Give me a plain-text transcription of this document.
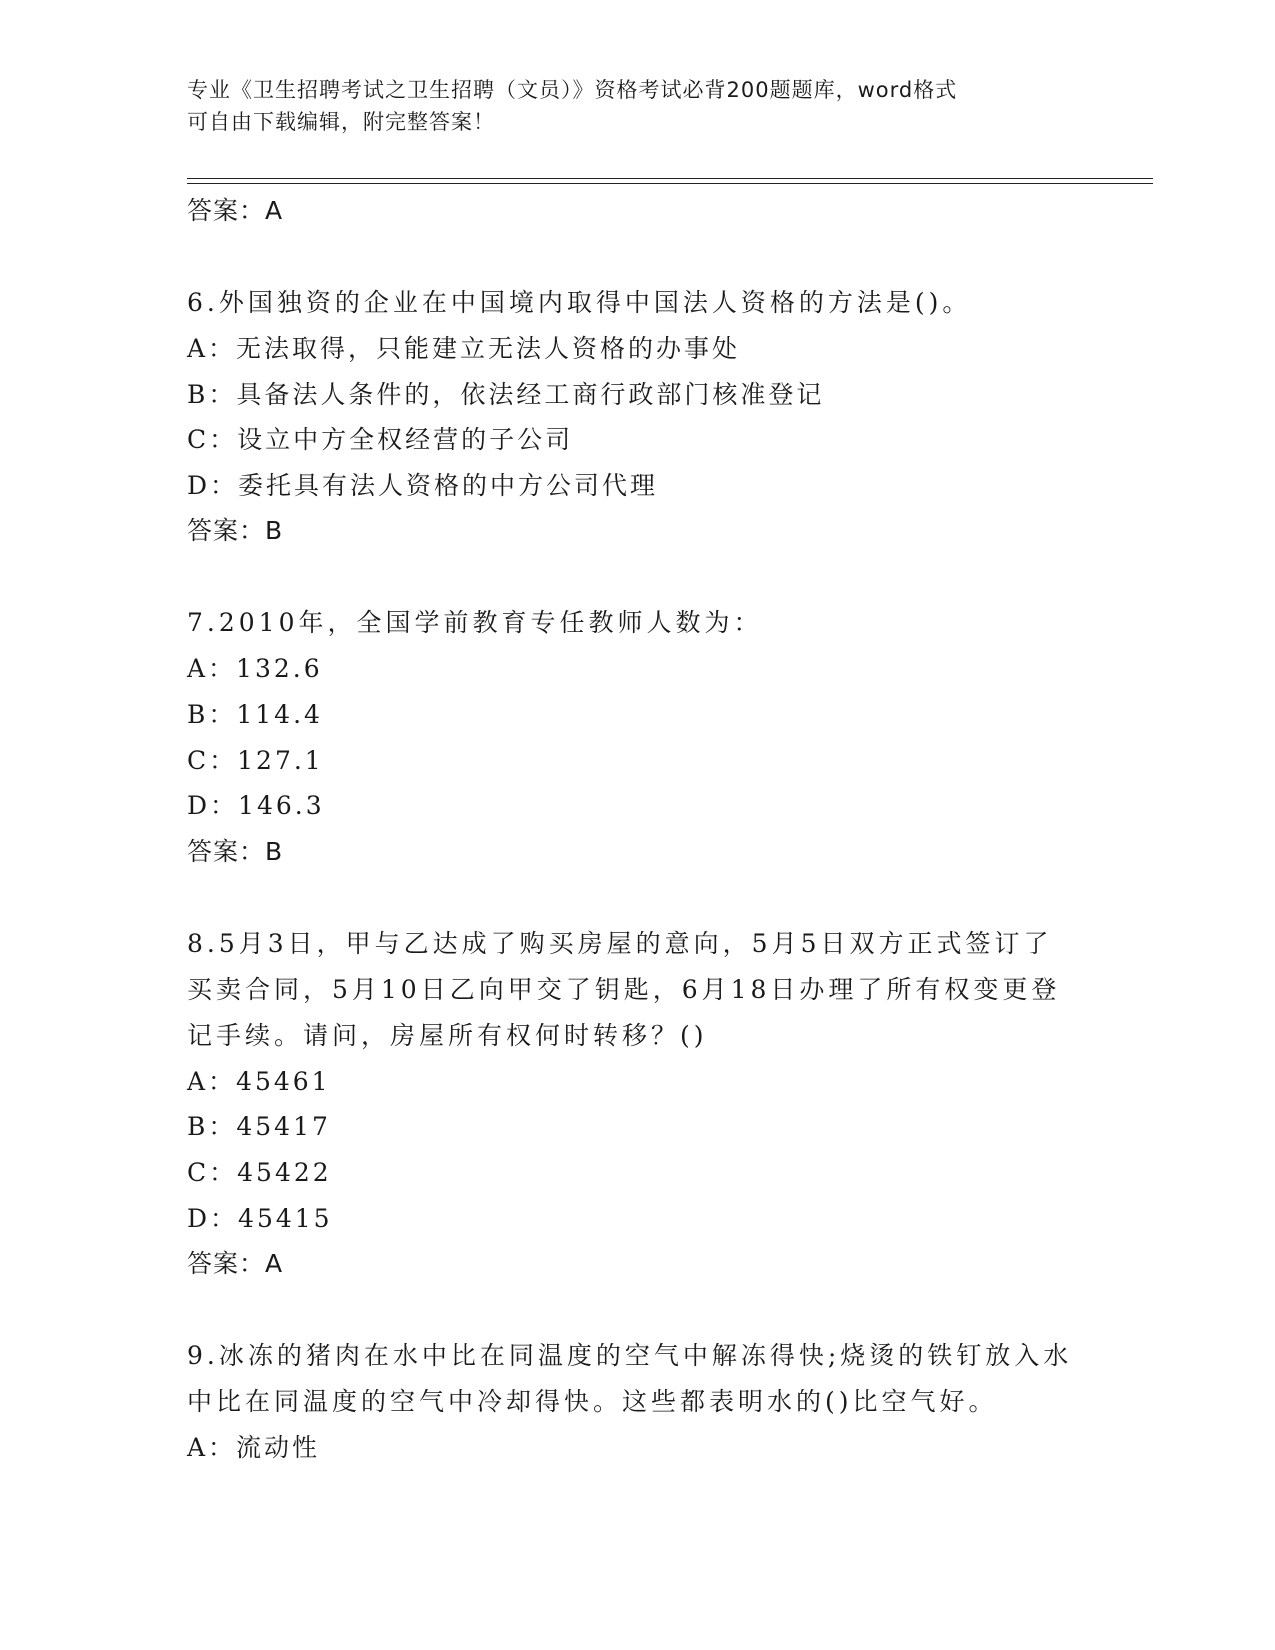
专业《卫生招聘考试之卫生招聘（文员）》资格考试必背200题题库，word格式
可自由下载编辑，附完整答案！

答案：A

6.外国独资的企业在中国境内取得中国法人资格的方法是()。

A：无法取得，只能建立无法人资格的办事处

B：具备法人条件的，依法经工商行政部门核准登记

C：设立中方全权经营的子公司

D：委托具有法人资格的中方公司代理

答案：B

7.2010年，全国学前教育专任教师人数为：

A：132.6

B：114.4

C：127.1

D：146.3

答案：B

8.5月3日，甲与乙达成了购买房屋的意向，5月5日双方正式签订了

买卖合同，5月10日乙向甲交了钥匙，6月18日办理了所有权变更登

记手续。请问，房屋所有权何时转移？()

A：45461

B：45417

C：45422

D：45415

答案：A

9.冰冻的猪肉在水中比在同温度的空气中解冻得快;烧烫的铁钉放入水

中比在同温度的空气中冷却得快。这些都表明水的()比空气好。

A：流动性
